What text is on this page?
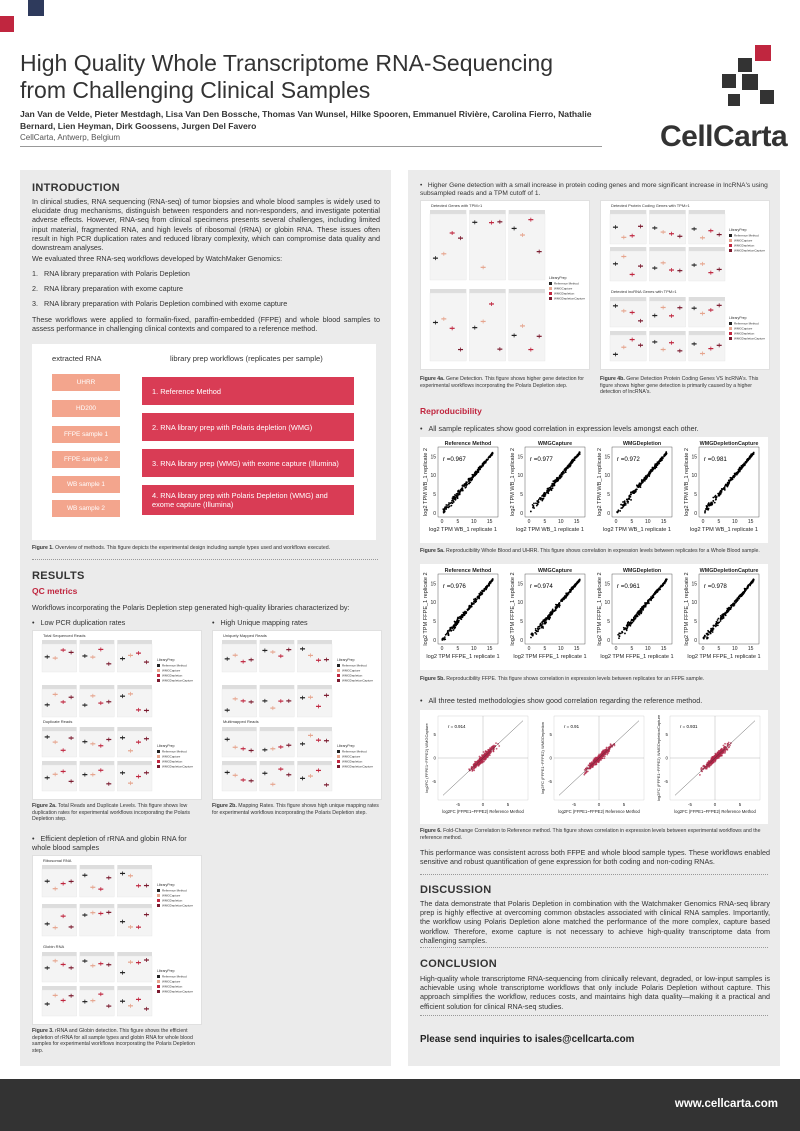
High Quality Whole Transcriptome RNA-Sequencing
from Challenging Clinical Samples
Jan Van de Velde, Pieter Mestdagh, Lisa Van Den Bossche, Thomas Van Wunsel, Hilke Spooren, Emmanuel Rivière, Carolina Fierro, Nathalie Bernard, Lien Heyman, Dirk Goossens, Jurgen Del Favero
CellCarta, Antwerp, Belgium	CellCarta
INTRODUCTION
In clinical studies, RNA sequencing (RNA-seq) of tumor biopsies and whole blood samples is widely used to elucidate drug mechanisms, distinguish between responders and non-responders, and investigate potential adverse effects. However, RNA-seq from clinical specimens presents several challenges, including limited input material, fragmented RNA, and high levels of ribosomal (rRNA) or globin RNA. These issues often result in high PCR duplication rates and reduced library complexity, which can compromise data quality and downstream analyses.
We evaluated three RNA-seq workflows developed by WatchMaker Genomics:
1. RNA library preparation with Polaris Depletion
2. RNA library preparation with exome capture
3. RNA library preparation with Polaris Depletion combined with exome capture
These workflows were applied to formalin-fixed, paraffin-embedded (FFPE) and whole blood samples to assess performance in challenging clinical contexts and compared to a reference method.
extracted RNA	library prep workflows (replicates per sample)
UHRR
HD200
FFPE sample 1
FFPE sample 2
WB sample 1
WB sample 2
1. Reference Method
2. RNA library prep with Polaris depletion (WMG)
3. RNA library prep (WMG) with exome capture (Illumina)
4. RNA library prep with Polaris Depletion (WMG) and exome capture (Illumina)
Figure 1. Overview of methods. This figure depicts the experimental design including sample types used and workflows executed.
RESULTS
QC metrics
Workflows incorporating the Polaris Depletion step generated high-quality libraries characterized by:
•   Low PCR duplication rates	•   High Unique mapping rates
Total Sequenced Reads
Duplicate Reads
LibraryPrep
Reference Method
WMGCapture
WMGDepletion
WMGDepletionCapture
LibraryPrep
Reference Method
WMGCapture
WMGDepletion
WMGDepletionCapture
Uniquely Mapped Reads
Multimapped Reads
LibraryPrep
Reference Method
WMGCapture
WMGDepletion
WMGDepletionCapture
LibraryPrep
Reference Method
WMGCapture
WMGDepletion
WMGDepletionCapture
Figure 2a. Total Reads and Duplicate Levels. This figure shows low duplication rates for experimental workflows incorporating the Polaris Depletion step.
Figure 2b. Mapping Rates. This figure shows high unique mapping rates for experimental workflows incorporating the Polaris Depletion step.
•   Efficient depletion of rRNA and globin RNA for whole blood samples
Ribosomal RNA
Globin RNA
LibraryPrep
Reference Method
WMGCapture
WMGDepletion
WMGDepletionCapture
LibraryPrep
Reference Method
WMGCapture
WMGDepletion
WMGDepletionCapture
Figure 3. rRNA and Globin detection. This figure shows the efficient depletion of rRNA for all sample types and globin RNA for whole blood samples for experimental workflows incorporating the Polaris Depletion step.
•   Higher Gene detection with a small increase in protein coding genes and more significant increase in lncRNA's using subsampled reads and a TPM cutoff of 1.
Detected Genes with TPM>1
LibraryPrep
Reference Method
WMGCapture
WMGDepletion
WMGDepletionCapture
Detected Protein Coding Genes with TPM>1
Detected lncRNA Genes with TPM>1
LibraryPrep
Reference Method
WMGCapture
WMGDepletion
WMGDepletionCapture
LibraryPrep
Reference Method
WMGCapture
WMGDepletion
WMGDepletionCapture
Figure 4a. Gene Detection. This figure shows higher gene detection for experimental workflows incorporating the Polaris Depletion step.
Figure 4b. Gene Detection Protein Coding Genes VS lncRNA's. This figure shows higher gene detection is primarily caused by a higher detection of lncRNA's.
Reproducibility
•   All sample replicates show good correlation in expression levels amongst each other.
Reference Method
r =0.967
0
0
5
5
10
10
15
15
log2 TPM WB_1 replicate 1
log2 TPM WB_1 replicate 2
WMGCapture
r =0.977
0
0
5
5
10
10
15
15
log2 TPM WB_1 replicate 1
log2 TPM WB_1 replicate 2
WMGDepletion
r =0.972
0
0
5
5
10
10
15
15
log2 TPM WB_1 replicate 1
log2 TPM WB_1 replicate 2
WMGDepletionCapture
r =0.981
0
0
5
5
10
10
15
15
log2 TPM WB_1 replicate 1
log2 TPM WB_1 replicate 2
Figure 5a. Reproducibility Whole Blood and UHRR. This figure shows correlation in expression levels between replicates for a Whole Blood sample.
Reference Method
r =0.976
0
0
5
5
10
10
15
15
log2 TPM FFPE_1 replicate 1
log2 TPM FFPE_1 replicate 2
WMGCapture
r =0.974
0
0
5
5
10
10
15
15
log2 TPM FFPE_1 replicate 1
log2 TPM FFPE_1 replicate 2
WMGDepletion
r =0.961
0
0
5
5
10
10
15
15
log2 TPM FFPE_1 replicate 1
log2 TPM FFPE_1 replicate 2
WMGDepletionCapture
r =0.978
0
0
5
5
10
10
15
15
log2 TPM FFPE_1 replicate 1
log2 TPM FFPE_1 replicate 2
Figure 5b. Reproducibility FFPE. This figure shows correlation in expression levels between replicates for an FFPE sample.
•   All three tested methodologies show good correlation regarding the reference method.
r = 0.914
-5
-5
0
0
5
5
log2FC (FFPE1~FFPE2) Reference Method
log2FC (FFPE1~FFPE2) WMGCapture	r = 0.91
-5
-5
0
0
5
5
log2FC (FFPE1~FFPE2) Reference Method
log2FC (FFPE1~FFPE2) WMGDepletion	r = 0.931
-5
-5
0
0
5
5
log2FC (FFPE1~FFPE2) Reference Method
log2FC (FFPE1~FFPE2) WMGDepletionCapture
Figure 6. Fold-Change Correlation to Reference method. This figure shows correlation in expression levels between experimental workflows and the reference method.
This performance was consistent across both FFPE and whole blood sample types. These workflows enabled sensitive and robust quantification of gene expression for both coding and non-coding RNAs.
DISCUSSION
The data demonstrate that Polaris Depletion in combination with the Watchmaker Genomics RNA-seq library prep is highly effective at overcoming common obstacles associated with clinical RNA samples. Importantly, the workflow using Polaris Depletion alone matched the performance of the more complex, capture based workflow. Therefore, exome capture is not necessary to achieve high-quality transcriptome data from challenging samples.
CONCLUSION
High-quality whole transcriptome RNA-sequencing from clinically relevant, degraded, or low-input samples is achievable using whole transcriptome workflows that only include Polaris Depletion without capture. This approach simplifies the workflow, reduces costs, and maintains high data quality—making it a practical and efficient solution for clinical RNA-seq studies.
Please send inquiries to isales@cellcarta.com
www.cellcarta.com
